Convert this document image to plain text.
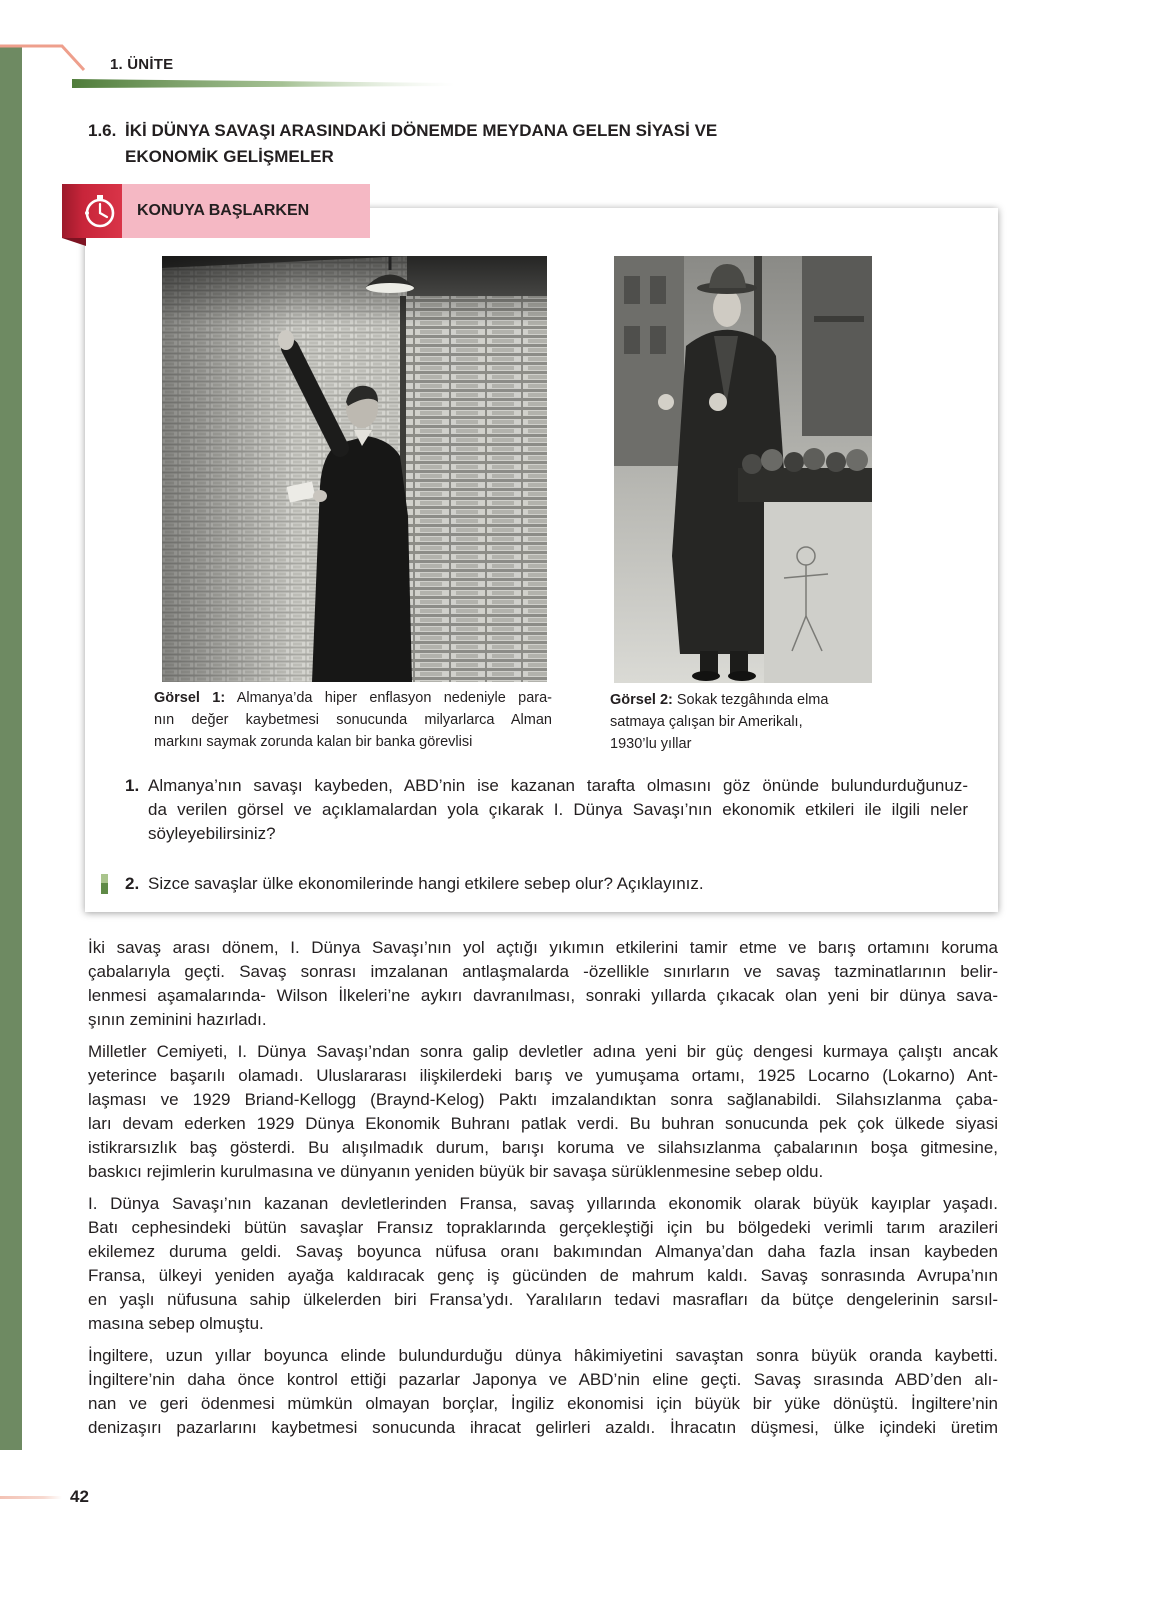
1. ÜNİTE
1.6. İKİ DÜNYA SAVAŞI ARASINDAKİ DÖNEMDE MEYDANA GELEN SİYASİ VE
EKONOMİK GELİŞMELER
KONUYA BAŞLARKEN
Görsel 1: Almanya’da hiper enflasyon nedeniyle para-
nın değer kaybetmesi sonucunda milyarlarca Alman
markını saymak zorunda kalan bir banka görevlisi
Görsel 2: Sokak tezgâhında elma
satmaya çalışan bir Amerikalı,
1930’lu yıllar
1. Almanya’nın savaşı kaybeden, ABD’nin ise kazanan tarafta olmasını göz önünde bulundurduğunuz-
da verilen görsel ve açıklamalardan yola çıkarak I. Dünya Savaşı’nın ekonomik etkileri ile ilgili neler
söyleyebilirsiniz?
2. Sizce savaşlar ülke ekonomilerinde hangi etkilere sebep olur? Açıklayınız.
İki savaş arası dönem, I. Dünya Savaşı’nın yol açtığı yıkımın etkilerini tamir etme ve barış ortamını koruma
çabalarıyla geçti. Savaş sonrası imzalanan antlaşmalarda -özellikle sınırların ve savaş tazminatlarının belir-
lenmesi aşamalarında- Wilson İlkeleri’ne aykırı davranılması, sonraki yıllarda çıkacak olan yeni bir dünya sava-
şının zeminini hazırladı.
Milletler Cemiyeti, I. Dünya Savaşı’ndan sonra galip devletler adına yeni bir güç dengesi kurmaya çalıştı ancak
yeterince başarılı olamadı. Uluslararası ilişkilerdeki barış ve yumuşama ortamı, 1925 Locarno (Lokarno) Ant-
laşması ve 1929 Briand-Kellogg (Braynd-Kelog) Paktı imzalandıktan sonra sağlanabildi. Silahsızlanma çaba-
ları devam ederken 1929 Dünya Ekonomik Buhranı patlak verdi. Bu buhran sonucunda pek çok ülkede siyasi
istikrarsızlık baş gösterdi. Bu alışılmadık durum, barışı koruma ve silahsızlanma çabalarının boşa gitmesine,
baskıcı rejimlerin kurulmasına ve dünyanın yeniden büyük bir savaşa sürüklenmesine sebep oldu.
I. Dünya Savaşı’nın kazanan devletlerinden Fransa, savaş yıllarında ekonomik olarak büyük kayıplar yaşadı.
Batı cephesindeki bütün savaşlar Fransız topraklarında gerçekleştiği için bu bölgedeki verimli tarım arazileri
ekilemez duruma geldi. Savaş boyunca nüfusa oranı bakımından Almanya’dan daha fazla insan kaybeden
Fransa, ülkeyi yeniden ayağa kaldıracak genç iş gücünden de mahrum kaldı. Savaş sonrasında Avrupa’nın
en yaşlı nüfusuna sahip ülkelerden biri Fransa’ydı. Yaralıların tedavi masrafları da bütçe dengelerinin sarsıl-
masına sebep olmuştu.
İngiltere, uzun yıllar boyunca elinde bulundurduğu dünya hâkimiyetini savaştan sonra büyük oranda kaybetti.
İngiltere’nin daha önce kontrol ettiği pazarlar Japonya ve ABD’nin eline geçti. Savaş sırasında ABD’den alı-
nan ve geri ödenmesi mümkün olmayan borçlar, İngiliz ekonomisi için büyük bir yüke dönüştü. İngiltere’nin
denizaşırı pazarlarını kaybetmesi sonucunda ihracat gelirleri azaldı. İhracatın düşmesi, ülke içindeki üretim
42
